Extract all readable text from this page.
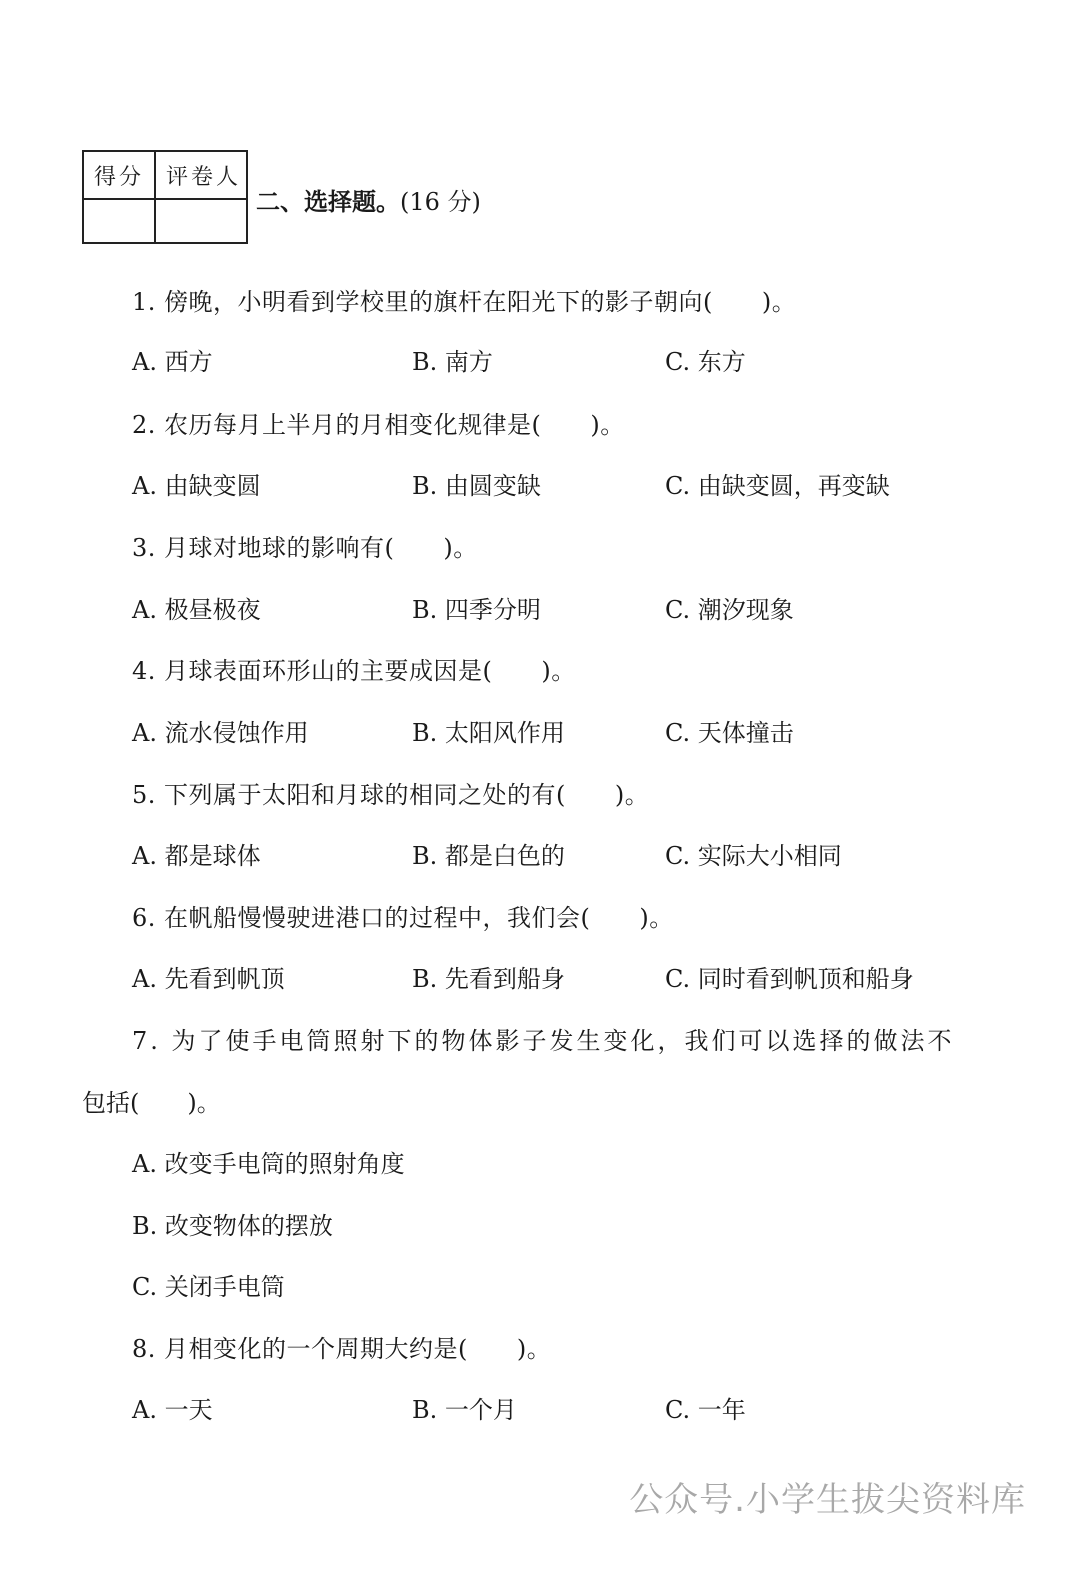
得分 评卷人
二、选择题。(16 分)
1. 傍晚，小明看到学校里的旗杆在阳光下的影子朝向(　　)。
A. 西方	B. 南方	C. 东方
2. 农历每月上半月的月相变化规律是(　　)。
A. 由缺变圆	B. 由圆变缺	C. 由缺变圆，再变缺
3. 月球对地球的影响有(　　)。
A. 极昼极夜	B. 四季分明	C. 潮汐现象
4. 月球表面环形山的主要成因是(　　)。
A. 流水侵蚀作用	B. 太阳风作用	C. 天体撞击
5. 下列属于太阳和月球的相同之处的有(　　)。
A. 都是球体	B. 都是白色的	C. 实际大小相同
6. 在帆船慢慢驶进港口的过程中，我们会(　　)。
A. 先看到帆顶	B. 先看到船身	C. 同时看到帆顶和船身
7. 为了使手电筒照射下的物体影子发生变化，我们可以选择的做法不
包括(　　)。
A. 改变手电筒的照射角度
B. 改变物体的摆放
C. 关闭手电筒
8. 月相变化的一个周期大约是(　　)。
A. 一天	B. 一个月	C. 一年
公众号.小学生拔尖资料库
